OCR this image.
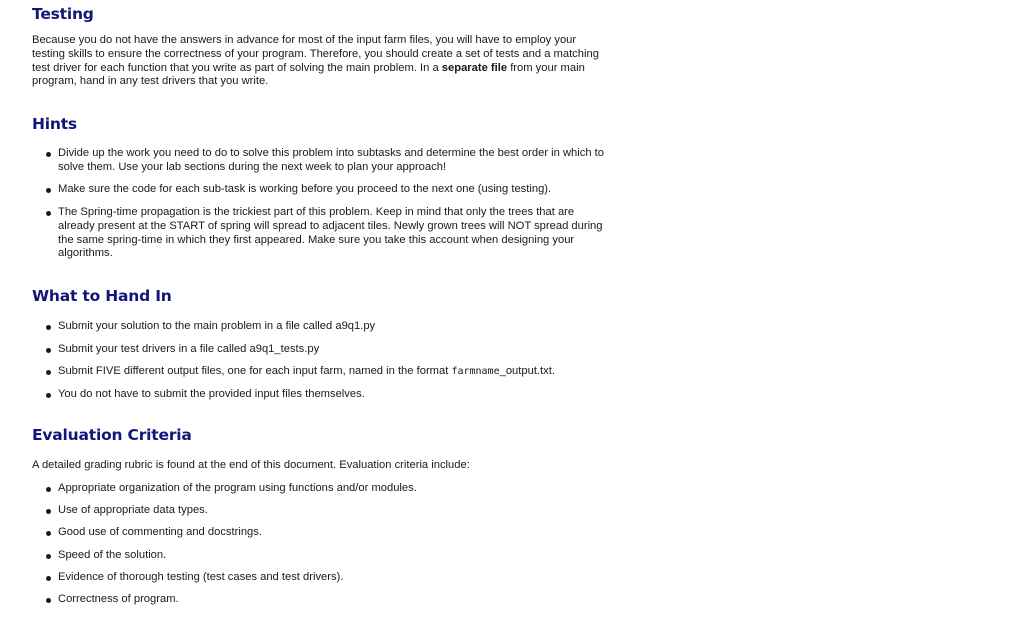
Testing

Because you do not have the answers in advance for most of the input farm files, you will have to employ your testing skills to ensure the correctness of your program. Therefore, you should create a set of tests and a matching test driver for each function that you write as part of solving the main problem. In a separate file from your main program, hand in any test drivers that you write.

Hints
Divide up the work you need to do to solve this problem into subtasks and determine the best order in which to solve them. Use your lab sections during the next week to plan your approach!
Make sure the code for each sub-task is working before you proceed to the next one (using testing).
The Spring-time propagation is the trickiest part of this problem. Keep in mind that only the trees that are already present at the START of spring will spread to adjacent tiles. Newly grown trees will NOT spread during the same spring-time in which they first appeared. Make sure you take this account when designing your algorithms.
What to Hand In
Submit your solution to the main problem in a file called a9q1.py
Submit your test drivers in a file called a9q1_tests.py
Submit FIVE different output files, one for each input farm, named in the format farmname_output.txt.
You do not have to submit the provided input files themselves.
Evaluation Criteria

A detailed grading rubric is found at the end of this document. Evaluation criteria include:

Appropriate organization of the program using functions and/or modules.
Use of appropriate data types.
Good use of commenting and docstrings.
Speed of the solution.
Evidence of thorough testing (test cases and test drivers).
Correctness of program.
